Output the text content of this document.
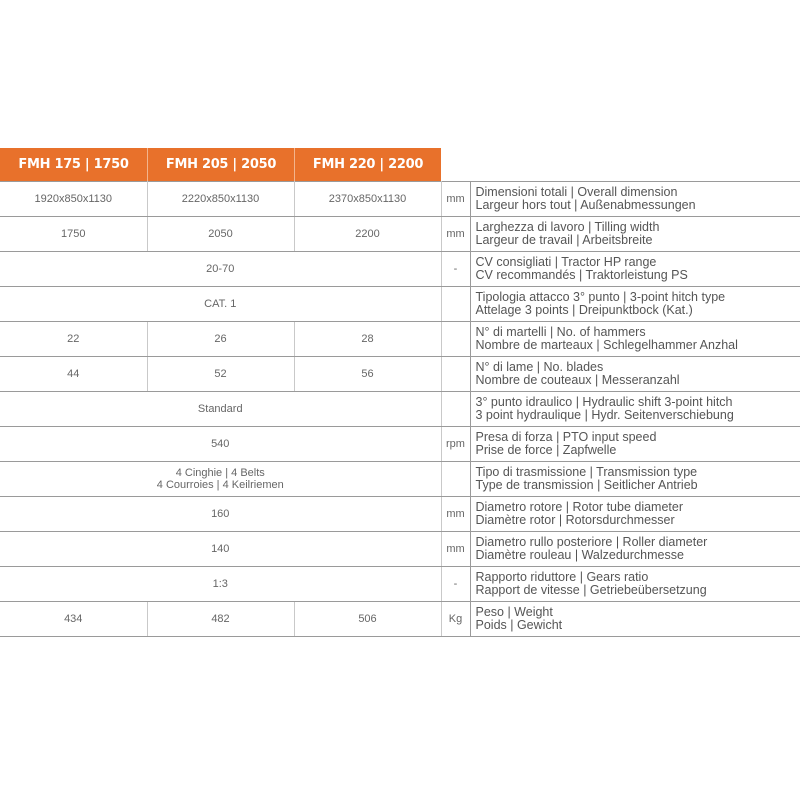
FMH 175 | 1750	FMH 205 | 2050	FMH 220 | 2200
1920x850x1130	2220x850x1130	2370x850x1130	mm	Dimensioni totali | Overall dimension
Largeur hors tout | Außenabmessungen

1750	2050	2200	mm	Larghezza di lavoro | Tilling width
Largeur de travail | Arbeitsbreite

20-70			-	CV consigliati | Tractor HP range
CV recommandés | Traktorleistung PS

CAT. 1				Tipologia attacco 3° punto | 3-point hitch type
Attelage 3 points | Dreipunktbock (Kat.)

22	26	28		N° di martelli | No. of hammers
Nombre de marteaux | Schlegelhammer Anzhal

44	52	56		N° di lame | No. blades
Nombre de couteaux | Messeranzahl

Standard				3° punto idraulico | Hydraulic shift 3-point hitch
3 point hydraulique | Hydr. Seitenverschiebung

540			rpm	Presa di forza | PTO input speed
Prise de force | Zapfwelle

4 Cinghie | 4 Belts
4 Courroies | 4 Keilriemen				Tipo di trasmissione | Transmission type
Type de transmission | Seitlicher Antrieb

160			mm	Diametro rotore | Rotor tube diameter
Diamètre rotor | Rotorsdurchmesser

140			mm	Diametro rullo posteriore | Roller diameter
Diamètre rouleau | Walzedurchmesse

1:3			-	Rapporto riduttore | Gears ratio
Rapport de vitesse | Getriebeübersetzung

434	482	506	Kg	Peso | Weight
Poids | Gewicht
